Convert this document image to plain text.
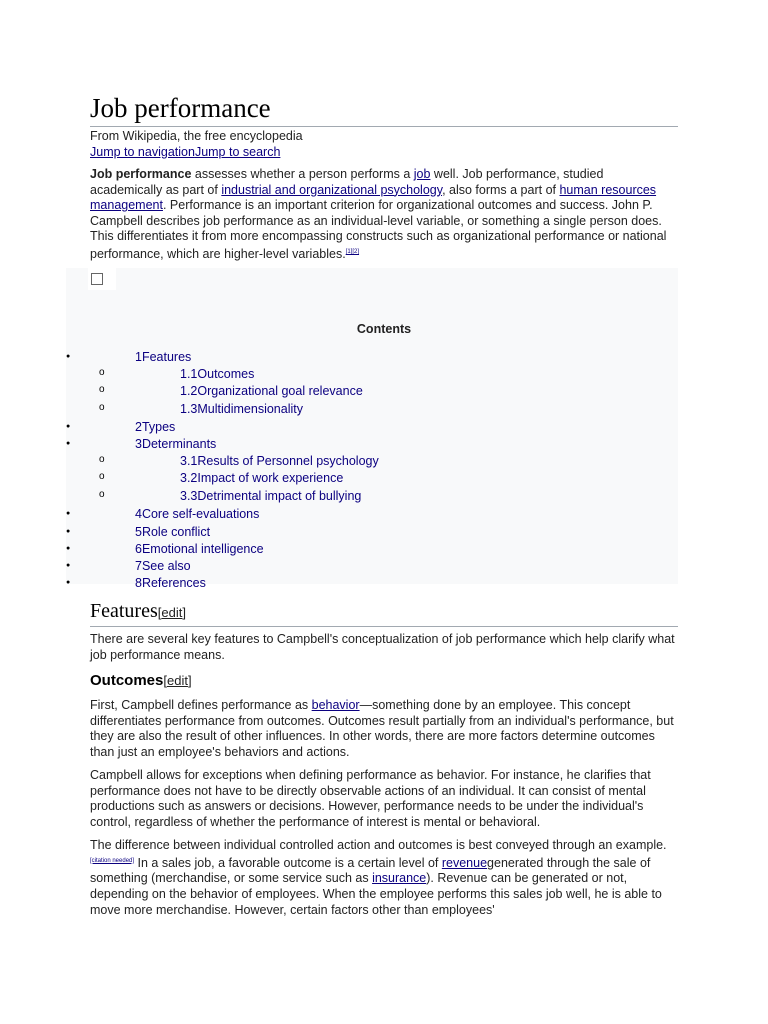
Job performance
From Wikipedia, the free encyclopedia
Jump to navigationJump to search
Job performance assesses whether a person performs a job well. Job performance, studied academically as part of industrial and organizational psychology, also forms a part of human resources management. Performance is an important criterion for organizational outcomes and success. John P. Campbell describes job performance as an individual-level variable, or something a single person does. This differentiates it from more encompassing constructs such as organizational performance or national performance, which are higher-level variables.[1][2]
Contents
●	1Features
o	1.1Outcomes
o	1.2Organizational goal relevance
o	1.3Multidimensionality
●	2Types
●	3Determinants
o	3.1Results of Personnel psychology
o	3.2Impact of work experience
o	3.3Detrimental impact of bullying
●	4Core self-evaluations
●	5Role conflict
●	6Emotional intelligence
●	7See also
●	8References
Features[edit]
There are several key features to Campbell's conceptualization of job performance which help clarify what job performance means.
Outcomes[edit]
First, Campbell defines performance as behavior—something done by an employee. This concept differentiates performance from outcomes. Outcomes result partially from an individual's performance, but they are also the result of other influences. In other words, there are more factors determine outcomes than just an employee's behaviors and actions.
Campbell allows for exceptions when defining performance as behavior. For instance, he clarifies that performance does not have to be directly observable actions of an individual. It can consist of mental productions such as answers or decisions. However, performance needs to be under the individual's control, regardless of whether the performance of interest is mental or behavioral.
The difference between individual controlled action and outcomes is best conveyed through an example.[citation needed] In a sales job, a favorable outcome is a certain level of revenuegenerated through the sale of something (merchandise, or some service such as insurance). Revenue can be generated or not, depending on the behavior of employees. When the employee performs this sales job well, he is able to move more merchandise. However, certain factors other than employees'
